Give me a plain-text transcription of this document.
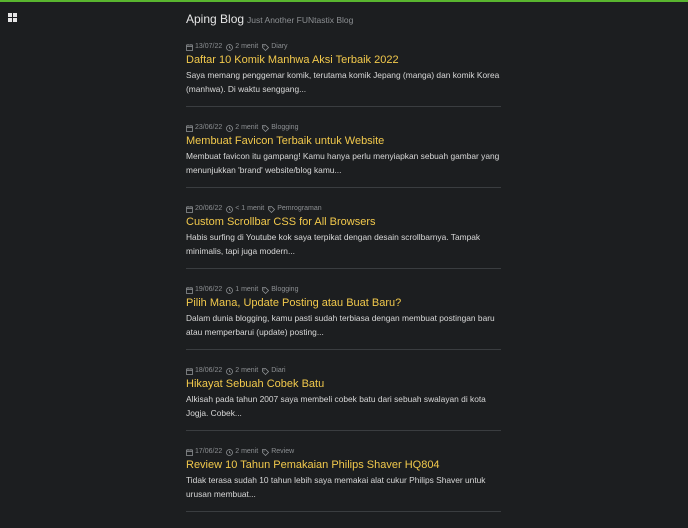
Aping Blog Just Another FUNtastix Blog
13/07/22 2 menit Diary
Daftar 10 Komik Manhwa Aksi Terbaik 2022

Saya memang penggemar komik, terutama komik Jepang (manga) dan komik Korea (manhwa). Di waktu senggang...

23/06/22 2 menit Blogging
Membuat Favicon Terbaik untuk Website

Membuat favicon itu gampang! Kamu hanya perlu menyiapkan sebuah gambar yang menunjukkan 'brand' website/blog kamu...

20/06/22 < 1 menit Pemrograman
Custom Scrollbar CSS for All Browsers

Habis surfing di Youtube kok saya terpikat dengan desain scrollbarnya. Tampak minimalis, tapi juga modern...

19/06/22 1 menit Blogging
Pilih Mana, Update Posting atau Buat Baru?

Dalam dunia blogging, kamu pasti sudah terbiasa dengan membuat postingan baru atau memperbarui (update) posting...

18/06/22 2 menit Diari
Hikayat Sebuah Cobek Batu

Alkisah pada tahun 2007 saya membeli cobek batu dari sebuah swalayan di kota Jogja. Cobek...

17/06/22 2 menit Review
Review 10 Tahun Pemakaian Philips Shaver HQ804

Tidak terasa sudah 10 tahun lebih saya memakai alat cukur Philips Shaver untuk urusan membuat...
